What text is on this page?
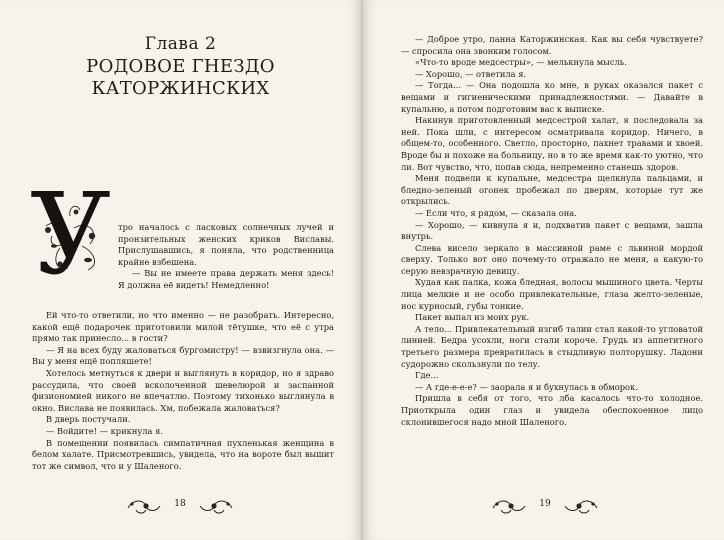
Глава 2
РОДОВОЕ ГНЕЗДО
КАТОРЖИНСКИХ
У тро началось с ласковых солнечных лучей и пронзительных женских криков Виславы. Прислушавшись, я поняла, что родственница крайне взбешена.

— Вы не имеете права держать меня здесь! Я должна её видеть! Немедленно!

Ей что-то ответили, но что именно — не разобрать. Интересно, какой ещё подарочек приготовили милой тётушке, что её с утра прямо так принесло... в гости?

— Я на всех буду жаловаться бургомистру! — взвизгнула она. — Вы у меня ещё попляшете!

Хотелось метнуться к двери и выглянуть в коридор, но я здраво рассудила, что своей всколоченной шевелюрой и заспанной физиономией никого не впечатлю. Поэтому тихонько выглянула в окно. Вислава не появилась. Хм, побежала жаловаться?

В дверь постучали.

— Войдите! — крикнула я.

В помещении появилась симпатичная пухленькая женщина в белом халате. Присмотревшись, увидела, что на вороте был вышит тот же символ, что и у Шаленого.

18

— Доброе утро, панна Каторжинская. Как вы себя чувствуете? — спросила она звонким голосом.

«Что-то вроде медсестры», — мелькнула мысль.

— Хорошо, — ответила я.

— Тогда... — Она подошла ко мне, в руках оказался пакет с вещами и гигиеническими принадлежностями. — Давайте в купальню, а потом подготовим вас к выписке.

Накинув приготовленный медсестрой халат, я последовала за ней. Пока шли, с интересом осматривала коридор. Ничего, в общем-то, особенного. Светло, просторно, пахнет травами и хвоей. Вроде бы и похоже на больницу, но в то же время как-то уютно, что ли. Вот чувство, что, попав сюда, непременно станешь здоров.

Меня подвели к купальне, медсестра щелкнула пальцами, и бледно-зеленый огонек пробежал по дверям, которые тут же открылись.

— Если что, я рядом, — сказала она.

— Хорошо, — кивнула я и, подхватив пакет с вещами, зашла внутрь.

Слева висело зеркало в массивной раме с львиной мордой сверху. Только вот оно почему-то отражало не меня, а какую-то серую невзрачную девицу.

Худая как палка, кожа бледная, волосы мышиного цвета. Черты лица мелкие и не особо привлекательные, глаза желто-зеленые, нос курносый, губы тонкие.

Пакет выпал из моих рук.

А тело... Привлекательный изгиб талии стал какой-то угловатой линией. Бедра усохли, ноги стали короче. Грудь из аппетитного третьего размера превратилась в стыдливую полторушку. Ладони судорожно скользнули по телу.

Где...

— А где-е-е-е? — заорала я и бухнулась в обморок.

Пришла в себя от того, что лба касалось что-то холодное. Приоткрыла один глаз и увидела обеспокоенное лицо склонившегося надо мной Шаленого.

19
